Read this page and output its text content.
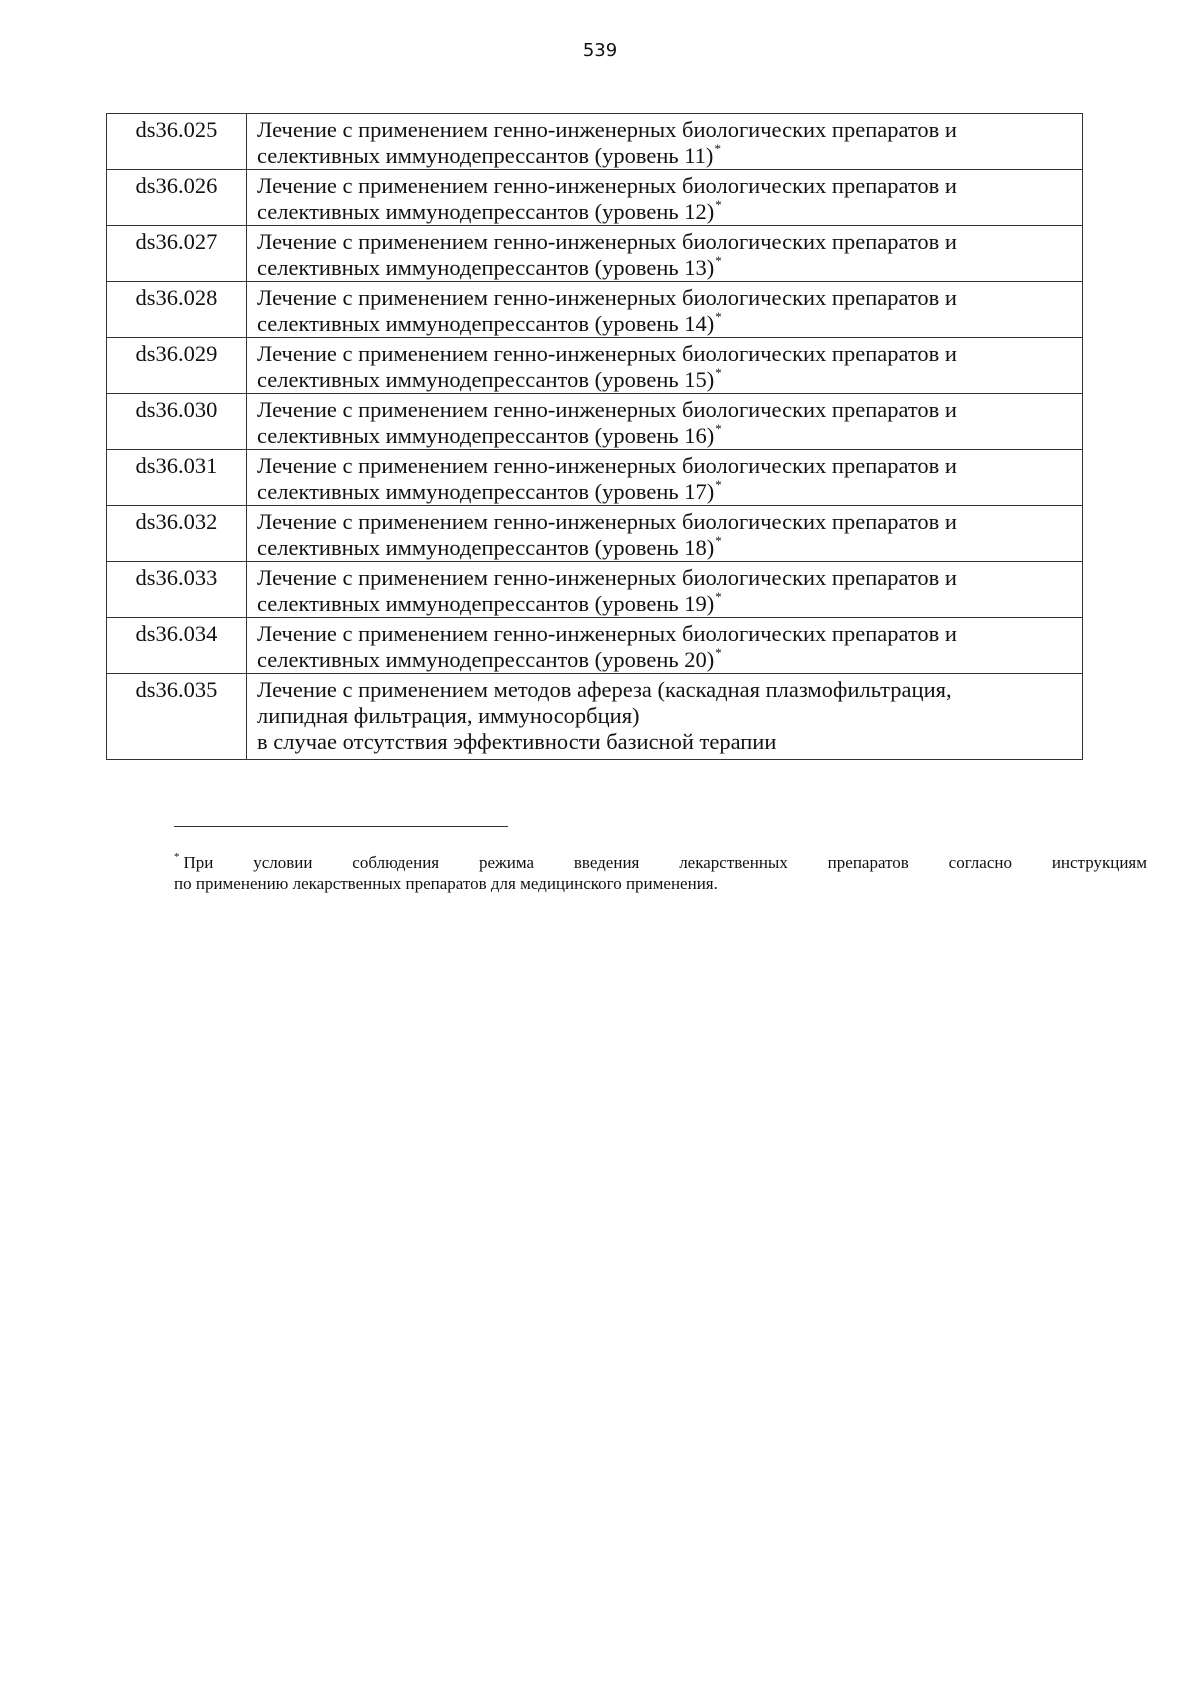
539
ds36.025	Лечение с применением генно-инженерных биологических препаратов и
селективных иммунодепрессантов (уровень 11)*

ds36.026	Лечение с применением генно-инженерных биологических препаратов и
селективных иммунодепрессантов (уровень 12)*

ds36.027	Лечение с применением генно-инженерных биологических препаратов и
селективных иммунодепрессантов (уровень 13)*

ds36.028	Лечение с применением генно-инженерных биологических препаратов и
селективных иммунодепрессантов (уровень 14)*

ds36.029	Лечение с применением генно-инженерных биологических препаратов и
селективных иммунодепрессантов (уровень 15)*

ds36.030	Лечение с применением генно-инженерных биологических препаратов и
селективных иммунодепрессантов (уровень 16)*

ds36.031	Лечение с применением генно-инженерных биологических препаратов и
селективных иммунодепрессантов (уровень 17)*

ds36.032	Лечение с применением генно-инженерных биологических препаратов и
селективных иммунодепрессантов (уровень 18)*

ds36.033	Лечение с применением генно-инженерных биологических препаратов и
селективных иммунодепрессантов (уровень 19)*

ds36.034	Лечение с применением генно-инженерных биологических препаратов и
селективных иммунодепрессантов (уровень 20)*

ds36.035	Лечение с применением методов афереза (каскадная плазмофильтрация,
липидная фильтрация, иммуносорбция)
в случае отсутствия эффективности базисной терапии
* При условии соблюдения режима введения лекарственных препаратов согласно инструкциям
по применению лекарственных препаратов для медицинского применения.
